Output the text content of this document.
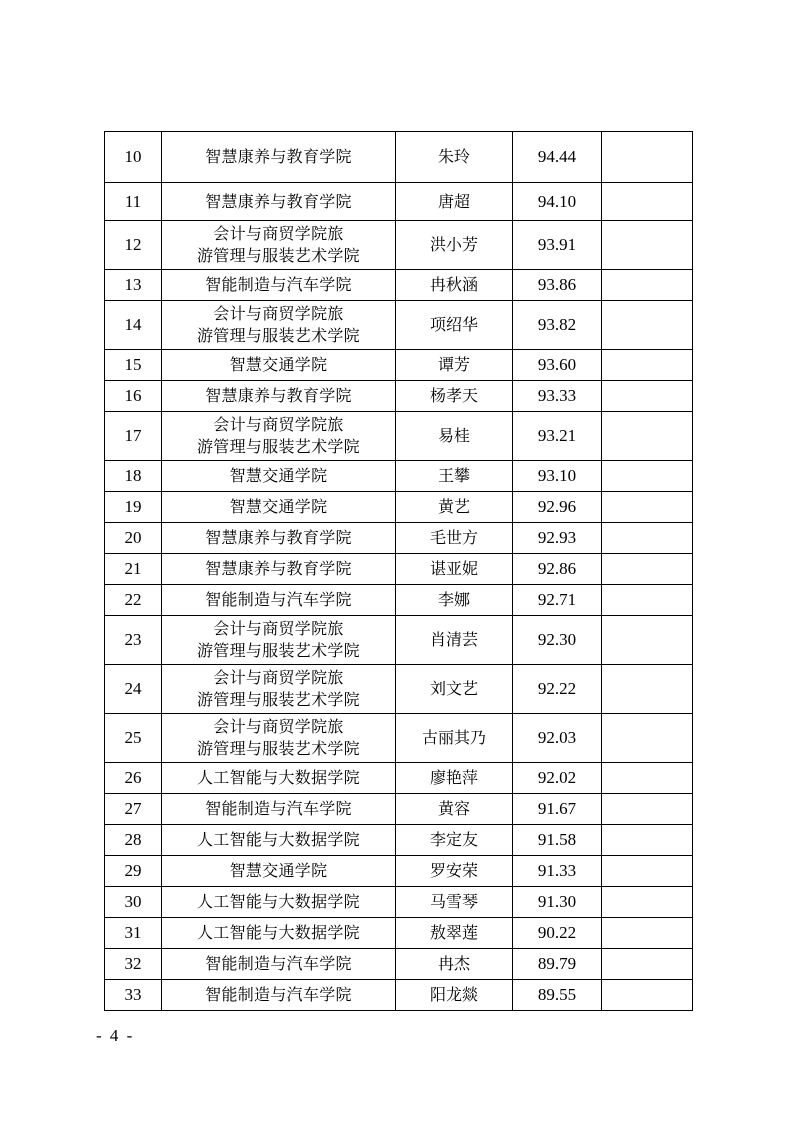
10	智慧康养与教育学院	朱玲	94.44	
11	智慧康养与教育学院	唐超	94.10	
12	会计与商贸学院旅
游管理与服装艺术学院	洪小芳	93.91	
13	智能制造与汽车学院	冉秋涵	93.86	
14	会计与商贸学院旅
游管理与服装艺术学院	项绍华	93.82	
15	智慧交通学院	谭芳	93.60	
16	智慧康养与教育学院	杨孝天	93.33	
17	会计与商贸学院旅
游管理与服装艺术学院	易桂	93.21	
18	智慧交通学院	王攀	93.10	
19	智慧交通学院	黄艺	92.96	
20	智慧康养与教育学院	毛世方	92.93	
21	智慧康养与教育学院	谌亚妮	92.86	
22	智能制造与汽车学院	李娜	92.71	
23	会计与商贸学院旅
游管理与服装艺术学院	肖清芸	92.30	
24	会计与商贸学院旅
游管理与服装艺术学院	刘文艺	92.22	
25	会计与商贸学院旅
游管理与服装艺术学院	古丽其乃	92.03	
26	人工智能与大数据学院	廖艳萍	92.02	
27	智能制造与汽车学院	黄容	91.67	
28	人工智能与大数据学院	李定友	91.58	
29	智慧交通学院	罗安荣	91.33	
30	人工智能与大数据学院	马雪琴	91.30	
31	人工智能与大数据学院	敖翠莲	90.22	
32	智能制造与汽车学院	冉杰	89.79	
33	智能制造与汽车学院	阳龙燚	89.55	
- 4 -
